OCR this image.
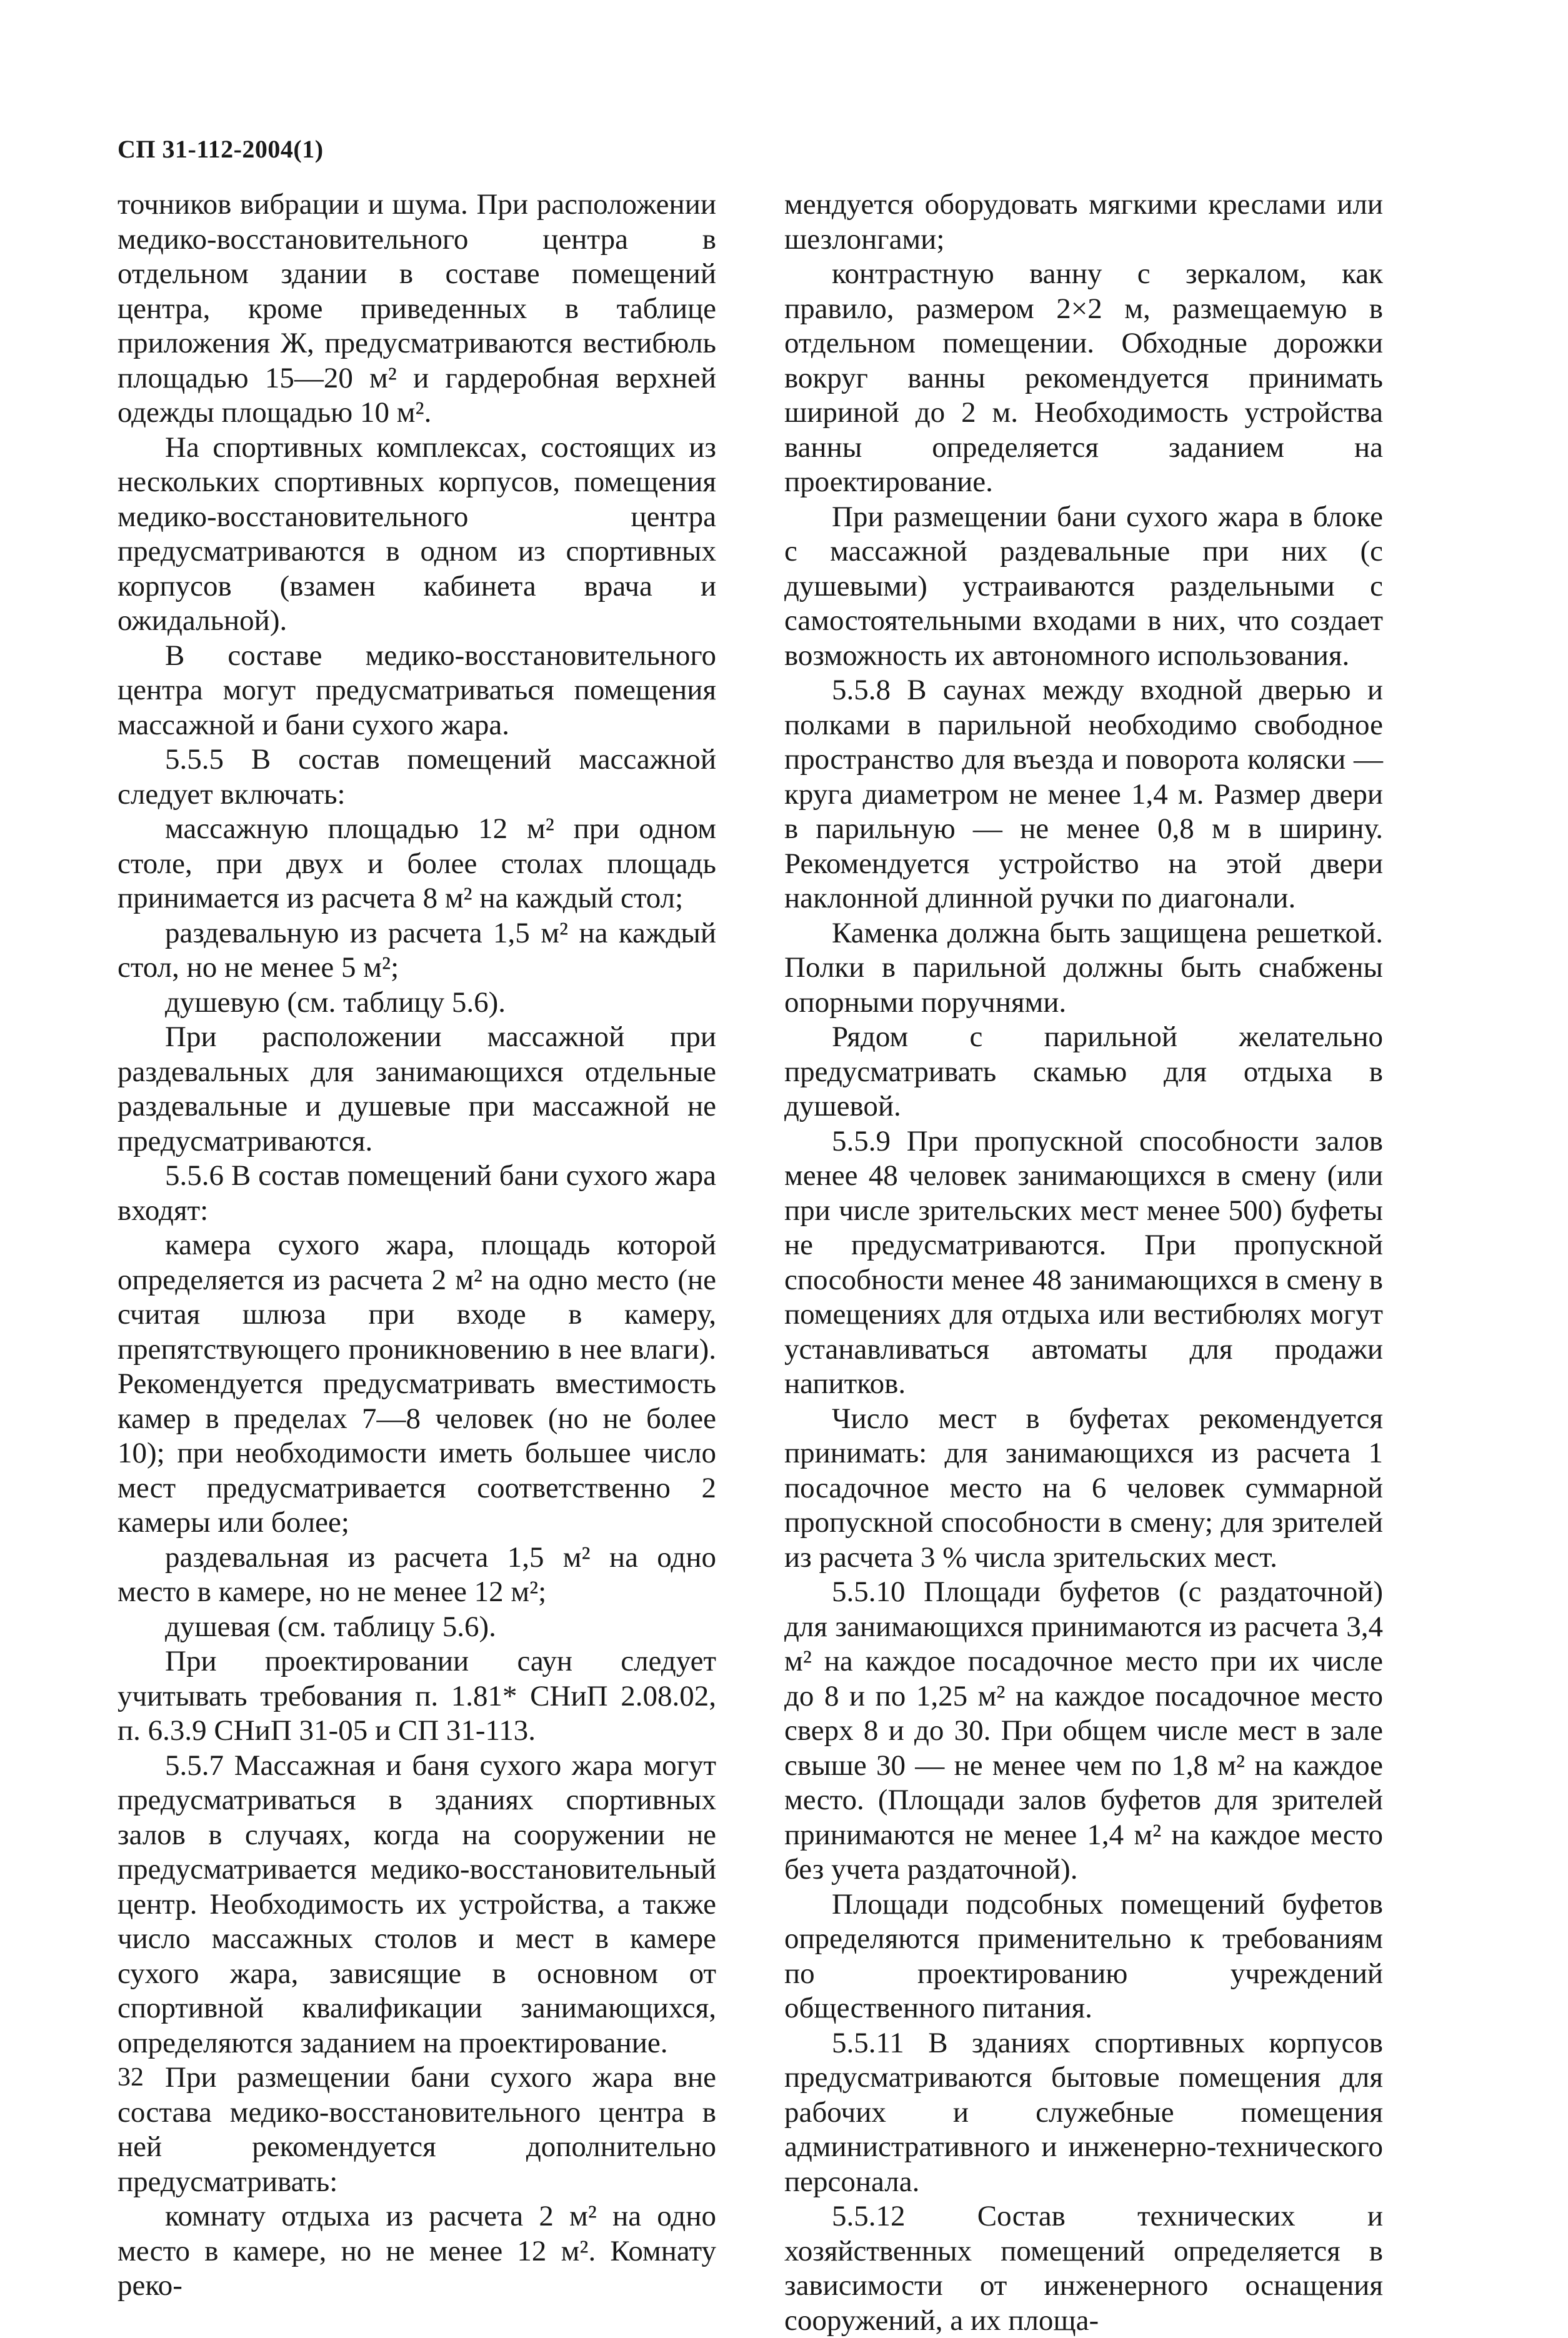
СП 31-112-2004(1)

точников вибрации и шума. При расположении медико-восстановительного центра в отдельном здании в составе помещений центра, кроме приведенных в таблице приложения Ж, предусматриваются вестибюль площадью 15—20 м² и гардеробная верхней одежды площадью 10 м².

На спортивных комплексах, состоящих из нескольких спортивных корпусов, помещения медико-восстановительного центра предусматриваются в одном из спортивных корпусов (взамен кабинета врача и ожидальной).

В составе медико-восстановительного центра могут предусматриваться помещения массажной и бани сухого жара.

5.5.5 В состав помещений массажной следует включать:

массажную площадью 12 м² при одном столе, при двух и более столах площадь принимается из расчета 8 м² на каждый стол;

раздевальную из расчета 1,5 м² на каждый стол, но не менее 5 м²;

душевую (см. таблицу 5.6).

При расположении массажной при раздевальных для занимающихся отдельные раздевальные и душевые при массажной не предусматриваются.

5.5.6 В состав помещений бани сухого жара входят:

камера сухого жара, площадь которой определяется из расчета 2 м² на одно место (не считая шлюза при входе в камеру, препятствующего проникновению в нее влаги). Рекомендуется предусматривать вместимость камер в пределах 7—8 человек (но не более 10); при необходимости иметь большее число мест предусматривается соответственно 2 камеры или более;

раздевальная из расчета 1,5 м² на одно место в камере, но не менее 12 м²;

душевая (см. таблицу 5.6).

При проектировании саун следует учитывать требования п. 1.81* СНиП 2.08.02, п. 6.3.9 СНиП 31-05 и СП 31-113.

5.5.7 Массажная и баня сухого жара могут предусматриваться в зданиях спортивных залов в случаях, когда на сооружении не предусматривается медико-восстановительный центр. Необходимость их устройства, а также число массажных столов и мест в камере сухого жара, зависящие в основном от спортивной квалификации занимающихся, определяются заданием на проектирование.

При размещении бани сухого жара вне состава медико-восстановительного центра в ней рекомендуется дополнительно предусматривать:

комнату отдыха из расчета 2 м² на одно место в камере, но не менее 12 м². Комнату реко-

мендуется оборудовать мягкими креслами или шезлонгами;

контрастную ванну с зеркалом, как правило, размером 2×2 м, размещаемую в отдельном помещении. Обходные дорожки вокруг ванны рекомендуется принимать шириной до 2 м. Необходимость устройства ванны определяется заданием на проектирование.

При размещении бани сухого жара в блоке с массажной раздевальные при них (с душевыми) устраиваются раздельными с самостоятельными входами в них, что создает возможность их автономного использования.

5.5.8 В саунах между входной дверью и полками в парильной необходимо свободное пространство для въезда и поворота коляски — круга диаметром не менее 1,4 м. Размер двери в парильную — не менее 0,8 м в ширину. Рекомендуется устройство на этой двери наклонной длинной ручки по диагонали.

Каменка должна быть защищена решеткой. Полки в парильной должны быть снабжены опорными поручнями.

Рядом с парильной желательно предусматривать скамью для отдыха в душевой.

5.5.9 При пропускной способности залов менее 48 человек занимающихся в смену (или при числе зрительских мест менее 500) буфеты не предусматриваются. При пропускной способности менее 48 занимающихся в смену в помещениях для отдыха или вестибюлях могут устанавливаться автоматы для продажи напитков.

Число мест в буфетах рекомендуется принимать: для занимающихся из расчета 1 посадочное место на 6 человек суммарной пропускной способности в смену; для зрителей из расчета 3 % числа зрительских мест.

5.5.10 Площади буфетов (с раздаточной) для занимающихся принимаются из расчета 3,4 м² на каждое посадочное место при их числе до 8 и по 1,25 м² на каждое посадочное место сверх 8 и до 30. При общем числе мест в зале свыше 30 — не менее чем по 1,8 м² на каждое место. (Площади залов буфетов для зрителей принимаются не менее 1,4 м² на каждое место без учета раздаточной).

Площади подсобных помещений буфетов определяются применительно к требованиям по проектированию учреждений общественного питания.

5.5.11 В зданиях спортивных корпусов предусматриваются бытовые помещения для рабочих и служебные помещения административного и инженерно-технического персонала.

5.5.12 Состав технических и хозяйственных помещений определяется в зависимости от инженерного оснащения сооружений, а их площа-

32
